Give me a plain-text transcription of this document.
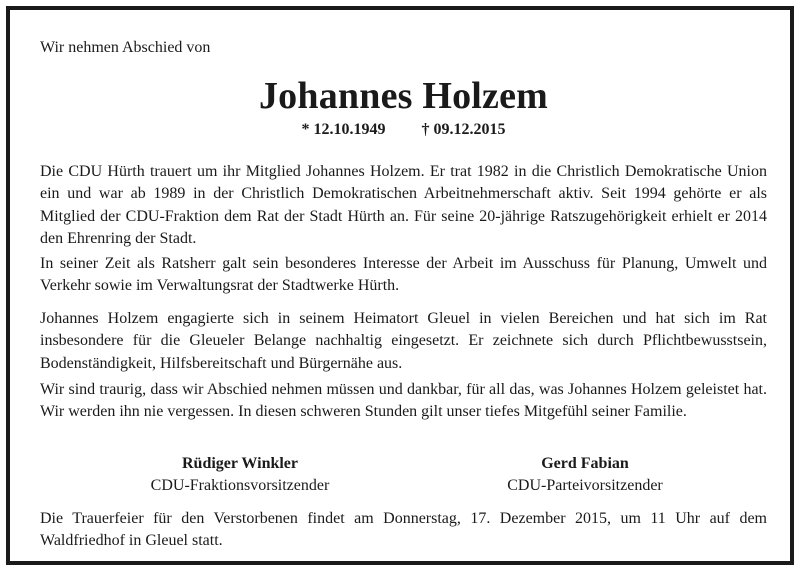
Wir nehmen Abschied von

Johannes Holzem
* 12.10.1949 † 09.12.2015

Die CDU Hürth trauert um ihr Mitglied Johannes Holzem. Er trat 1982 in die Christlich Demokratische Union ein und war ab 1989 in der Christlich Demokratischen Arbeitnehmerschaft aktiv. Seit 1994 gehörte er als Mitglied der CDU-Fraktion dem Rat der Stadt Hürth an. Für seine 20-jährige Ratszugehörigkeit erhielt er 2014 den Ehrenring der Stadt.

In seiner Zeit als Ratsherr galt sein besonderes Interesse der Arbeit im Ausschuss für Planung, Umwelt und Verkehr sowie im Verwaltungsrat der Stadtwerke Hürth.

Johannes Holzem engagierte sich in seinem Heimatort Gleuel in vielen Bereichen und hat sich im Rat insbesondere für die Gleueler Belange nachhaltig eingesetzt. Er zeichnete sich durch Pflichtbewusstsein, Bodenständigkeit, Hilfsbereitschaft und Bürgernähe aus.

Wir sind traurig, dass wir Abschied nehmen müssen und dankbar, für all das, was Johannes Holzem geleistet hat. Wir werden ihn nie vergessen. In diesen schweren Stunden gilt unser tiefes Mitgefühl seiner Familie.

Rüdiger Winkler
CDU-Fraktionsvorsitzender
Gerd Fabian
CDU-Parteivorsitzender

Die Trauerfeier für den Verstorbenen findet am Donnerstag, 17. Dezember 2015, um 11 Uhr auf dem Waldfriedhof in Gleuel statt.
